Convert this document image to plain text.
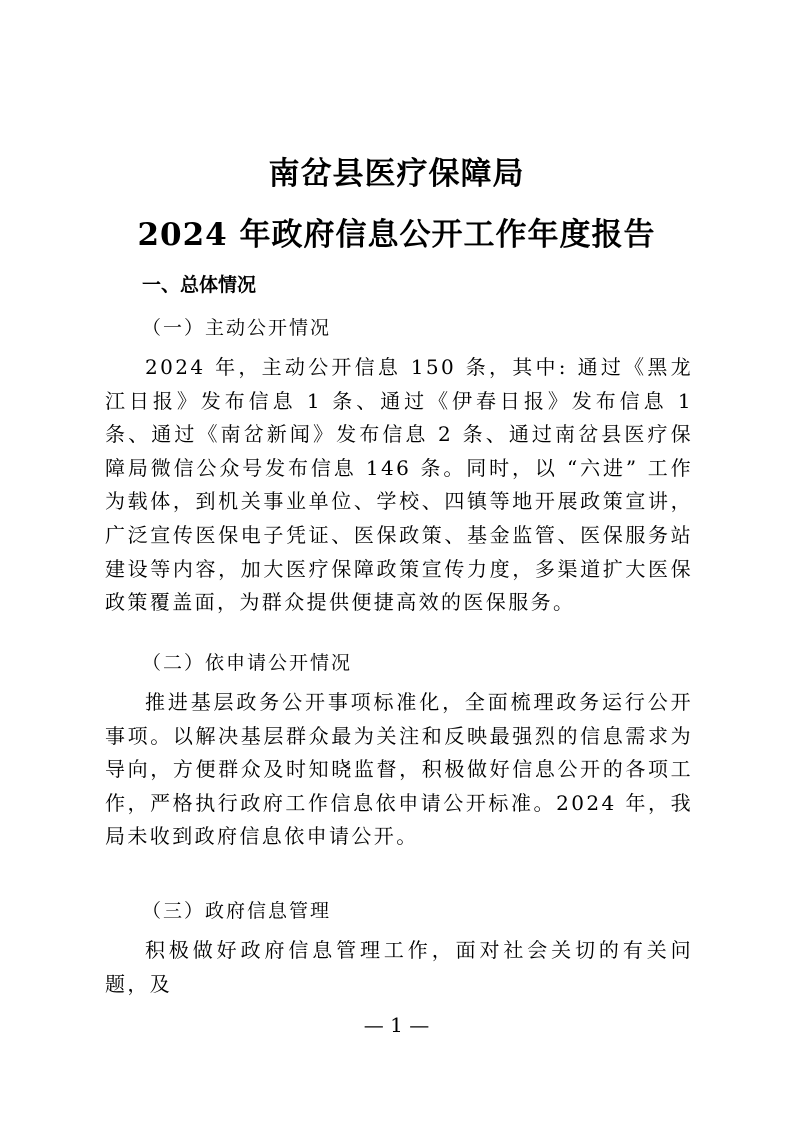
南岔县医疗保障局
2024 年政府信息公开工作年度报告
一、总体情况
（一）主动公开情况

2024 年，主动公开信息 150 条，其中: 通过《黑龙江日报》发布信息 1 条、通过《伊春日报》发布信息 1 条、通过《南岔新闻》发布信息 2 条、通过南岔县医疗保障局微信公众号发布信息 146 条。同时，以 “六进” 工作为载体，到机关事业单位、学校、四镇等地开展政策宣讲，广泛宣传医保电子凭证、医保政策、基金监管、医保服务站建设等内容，加大医疗保障政策宣传力度，多渠道扩大医保政策覆盖面，为群众提供便捷高效的医保服务。

（二）依申请公开情况

推进基层政务公开事项标准化，全面梳理政务运行公开事项。以解决基层群众最为关注和反映最强烈的信息需求为导向，方便群众及时知晓监督，积极做好信息公开的各项工作，严格执行政府工作信息依申请公开标准。2024 年，我局未收到政府信息依申请公开。

（三）政府信息管理

积极做好政府信息管理工作，面对社会关切的有关问题，及

— 1 —
